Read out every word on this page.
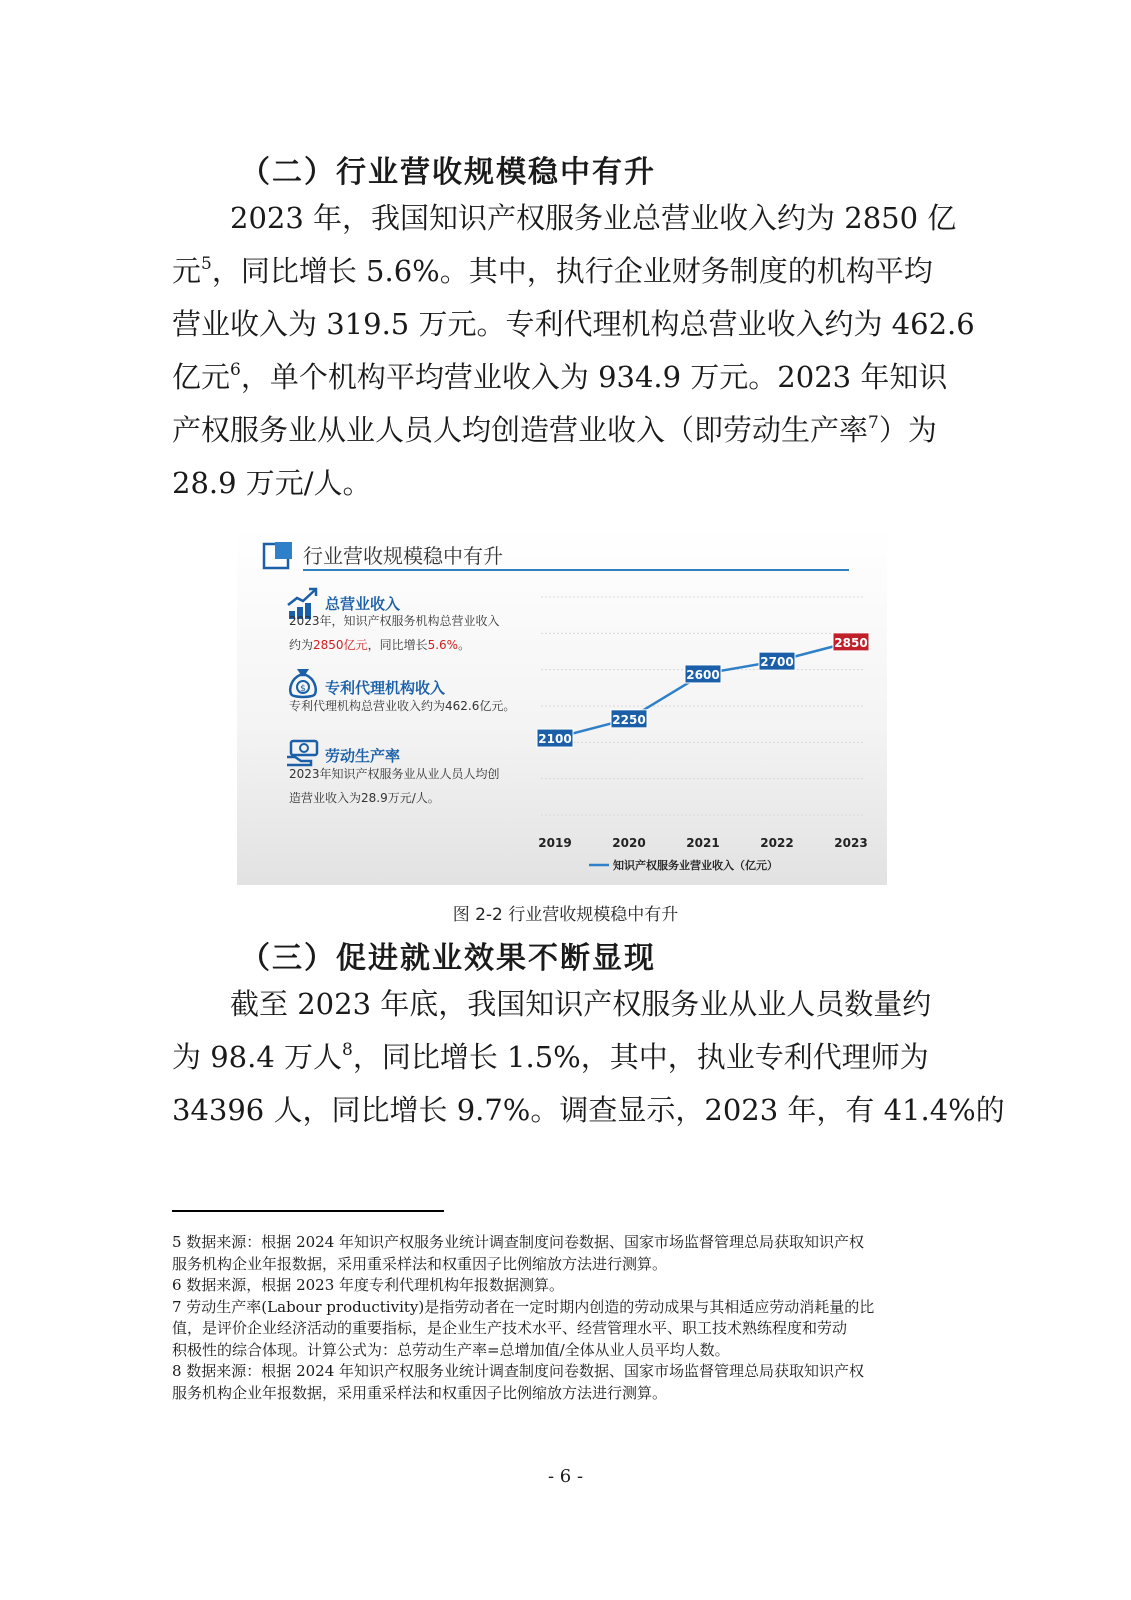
（二）行业营收规模稳中有升
2023 年，我国知识产权服务业总营业收入约为 2850 亿
元$^5$，同比增长 5.6%。其中，执行企业财务制度的机构平均
营业收入为 319.5 万元。专利代理机构总营业收入约为 462.6
亿元$^6$，单个机构平均营业收入为 934.9 万元。2023 年知识
产权服务业从业人员人均创造营业收入（即劳动生产率$^7$）为
28.9 万元/人。
行业营收规模稳中有升
总营业收入
2023年，知识产权服务机构总营业收入
约为2850亿元，同比增长5.6%。
$ 专利代理机构收入
专利代理机构总营业收入约为462.6亿元。
劳动生产率
2023年知识产权服务业从业人员人均创
造营业收入为28.9万元/人。
2100
2250
2600
2700
2850
2019	2020	2021	2022	2023
知识产权服务业营业收入（亿元）
图 2-2 行业营收规模稳中有升
（三）促进就业效果不断显现
截至 2023 年底，我国知识产权服务业从业人员数量约
为 98.4 万人$^8$，同比增长 1.5%，其中，执业专利代理师为
34396 人，同比增长 9.7%。调查显示，2023 年，有 41.4%的
5 数据来源：根据 2024 年知识产权服务业统计调查制度问卷数据、国家市场监督管理总局获取知识产权
服务机构企业年报数据，采用重采样法和权重因子比例缩放方法进行测算。
6 数据来源，根据 2023 年度专利代理机构年报数据测算。
7 劳动生产率(Labour productivity)是指劳动者在一定时期内创造的劳动成果与其相适应劳动消耗量的比
值，是评价企业经济活动的重要指标，是企业生产技术水平、经营管理水平、职工技术熟练程度和劳动
积极性的综合体现。计算公式为：总劳动生产率=总增加值/全体从业人员平均人数。
8 数据来源：根据 2024 年知识产权服务业统计调查制度问卷数据、国家市场监督管理总局获取知识产权
服务机构企业年报数据，采用重采样法和权重因子比例缩放方法进行测算。
- 6 -
